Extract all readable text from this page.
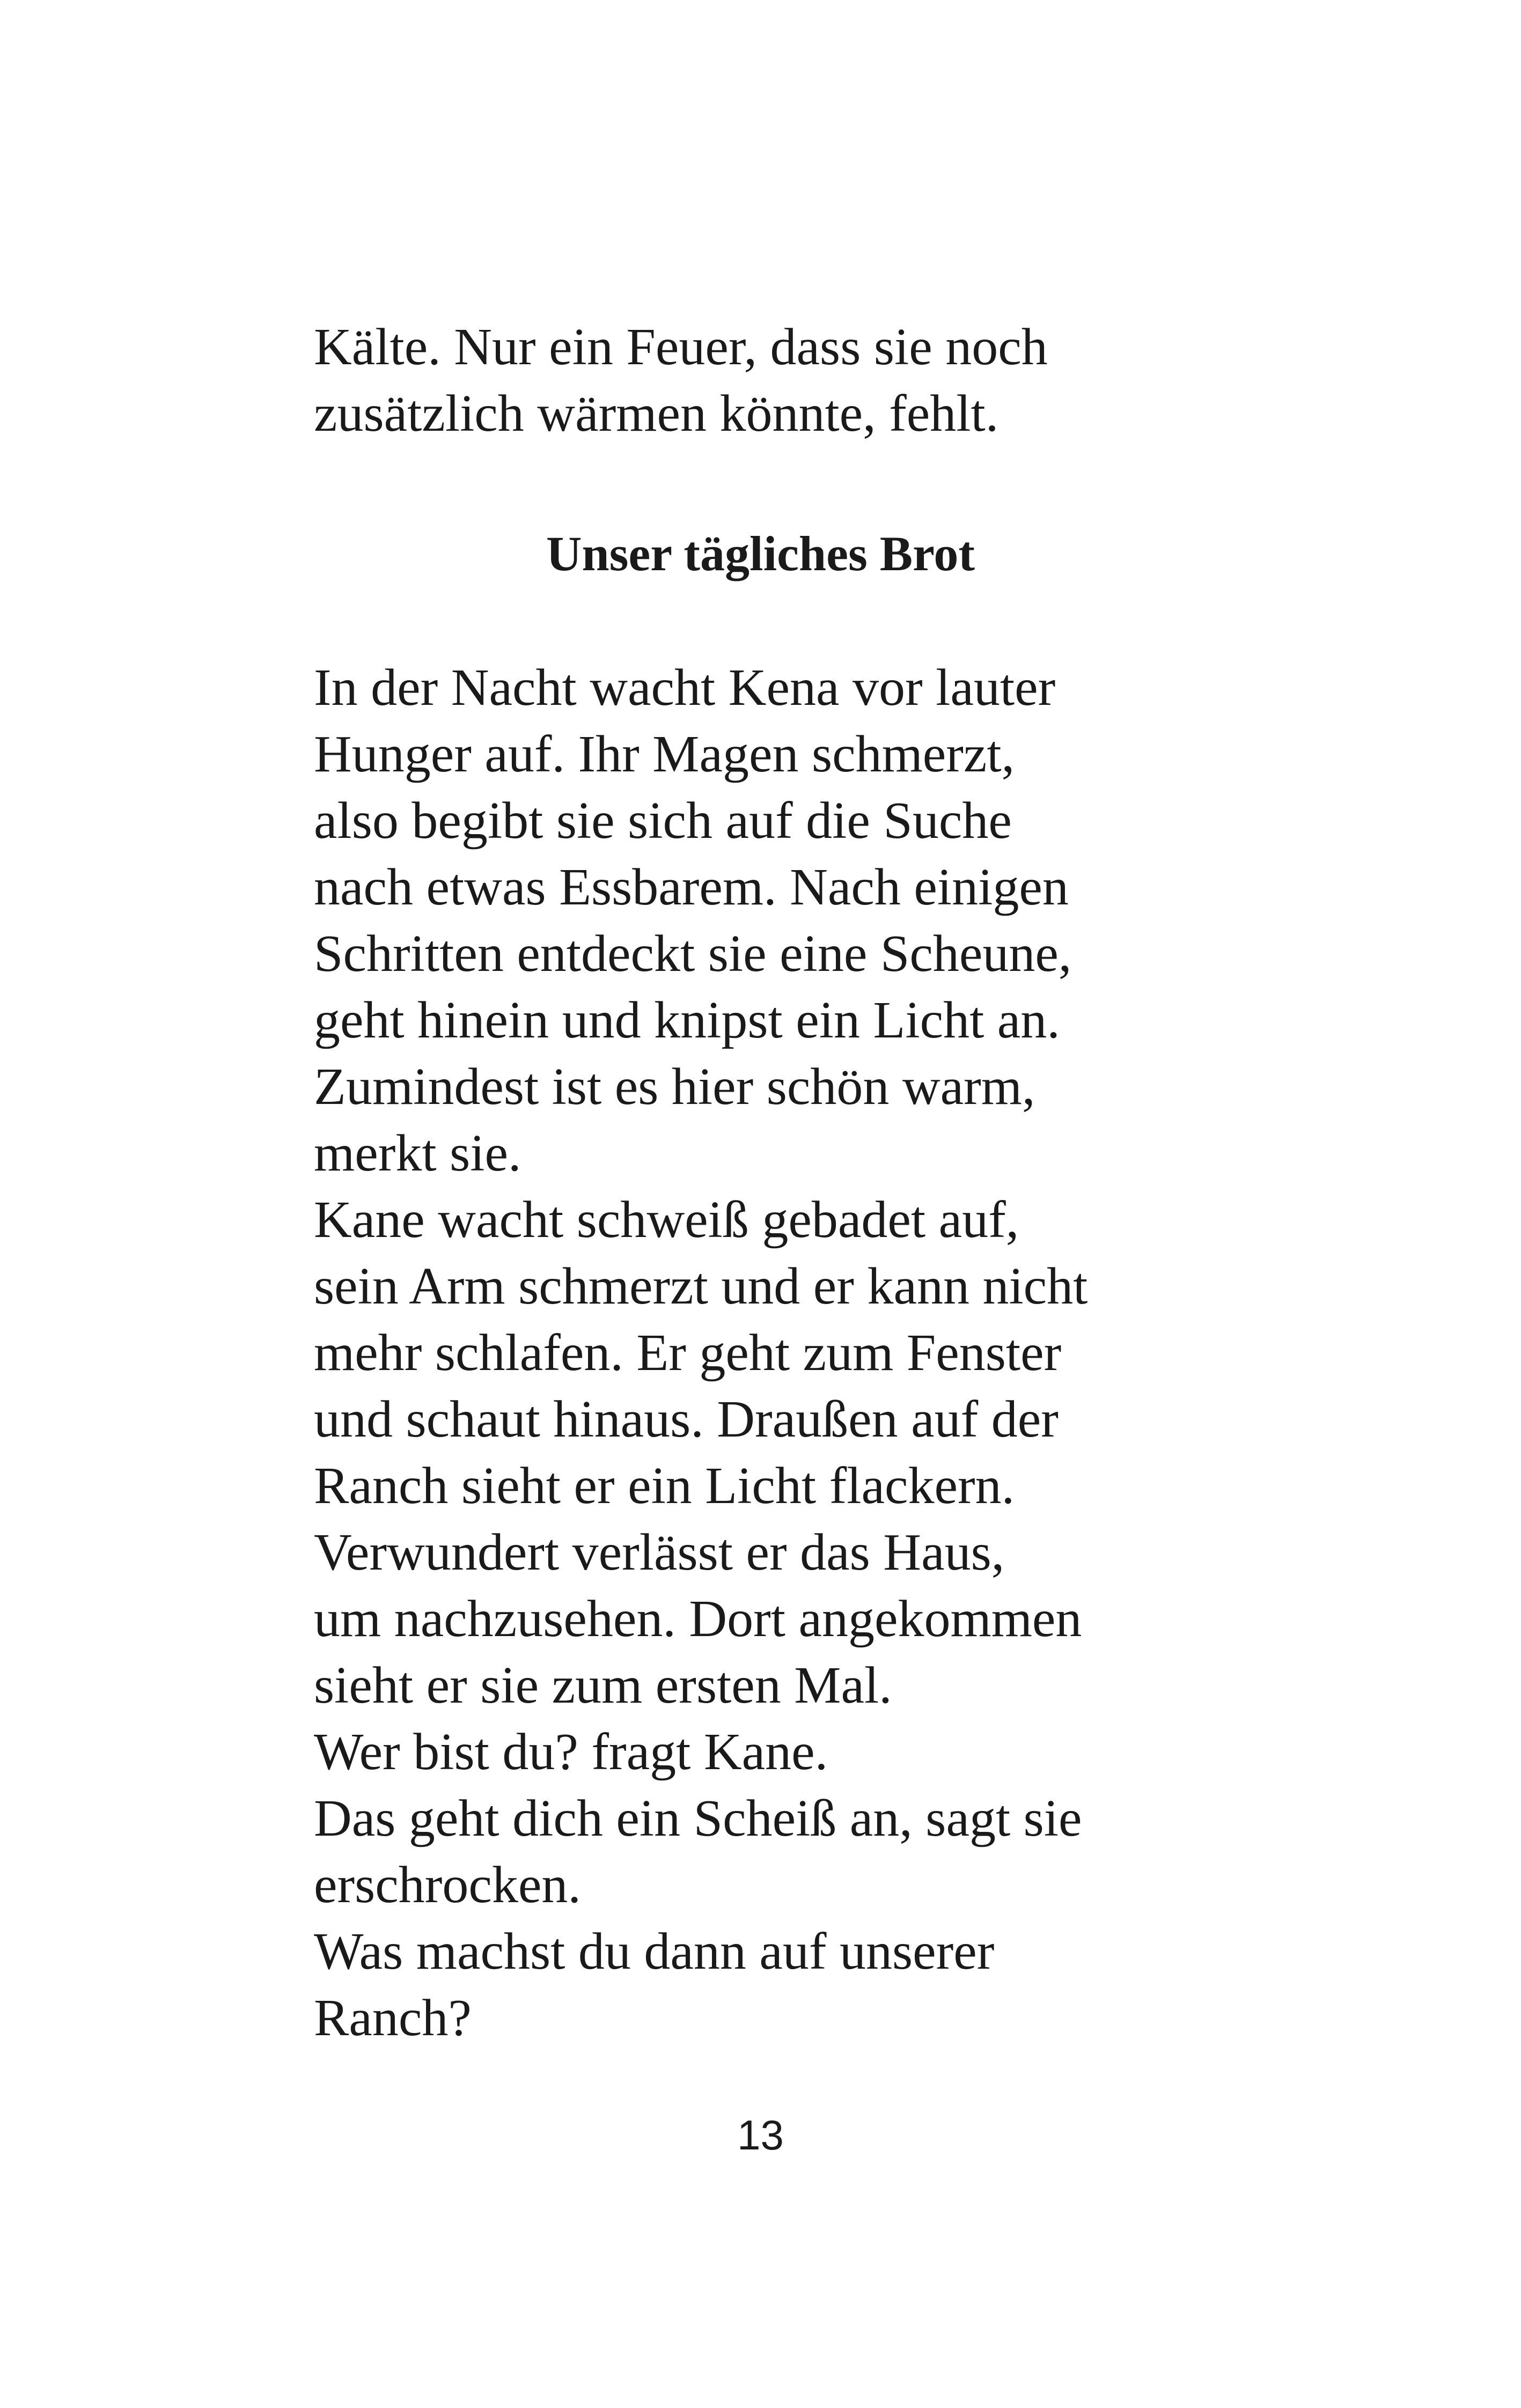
Kälte. Nur ein Feuer, dass sie noch
zusätzlich wärmen könnte, fehlt.
Unser tägliches Brot
In der Nacht wacht Kena vor lauter
Hunger auf. Ihr Magen schmerzt,
also begibt sie sich auf die Suche
nach etwas Essbarem. Nach einigen
Schritten entdeckt sie eine Scheune,
geht hinein und knipst ein Licht an.
Zumindest ist es hier schön warm,
merkt sie.
Kane wacht schweiß gebadet auf,
sein Arm schmerzt und er kann nicht
mehr schlafen. Er geht zum Fenster
und schaut hinaus. Draußen auf der
Ranch sieht er ein Licht flackern.
Verwundert verlässt er das Haus,
um nachzusehen. Dort angekommen
sieht er sie zum ersten Mal.
Wer bist du? fragt Kane.
Das geht dich ein Scheiß an, sagt sie
erschrocken.
Was machst du dann auf unserer
Ranch?
13
